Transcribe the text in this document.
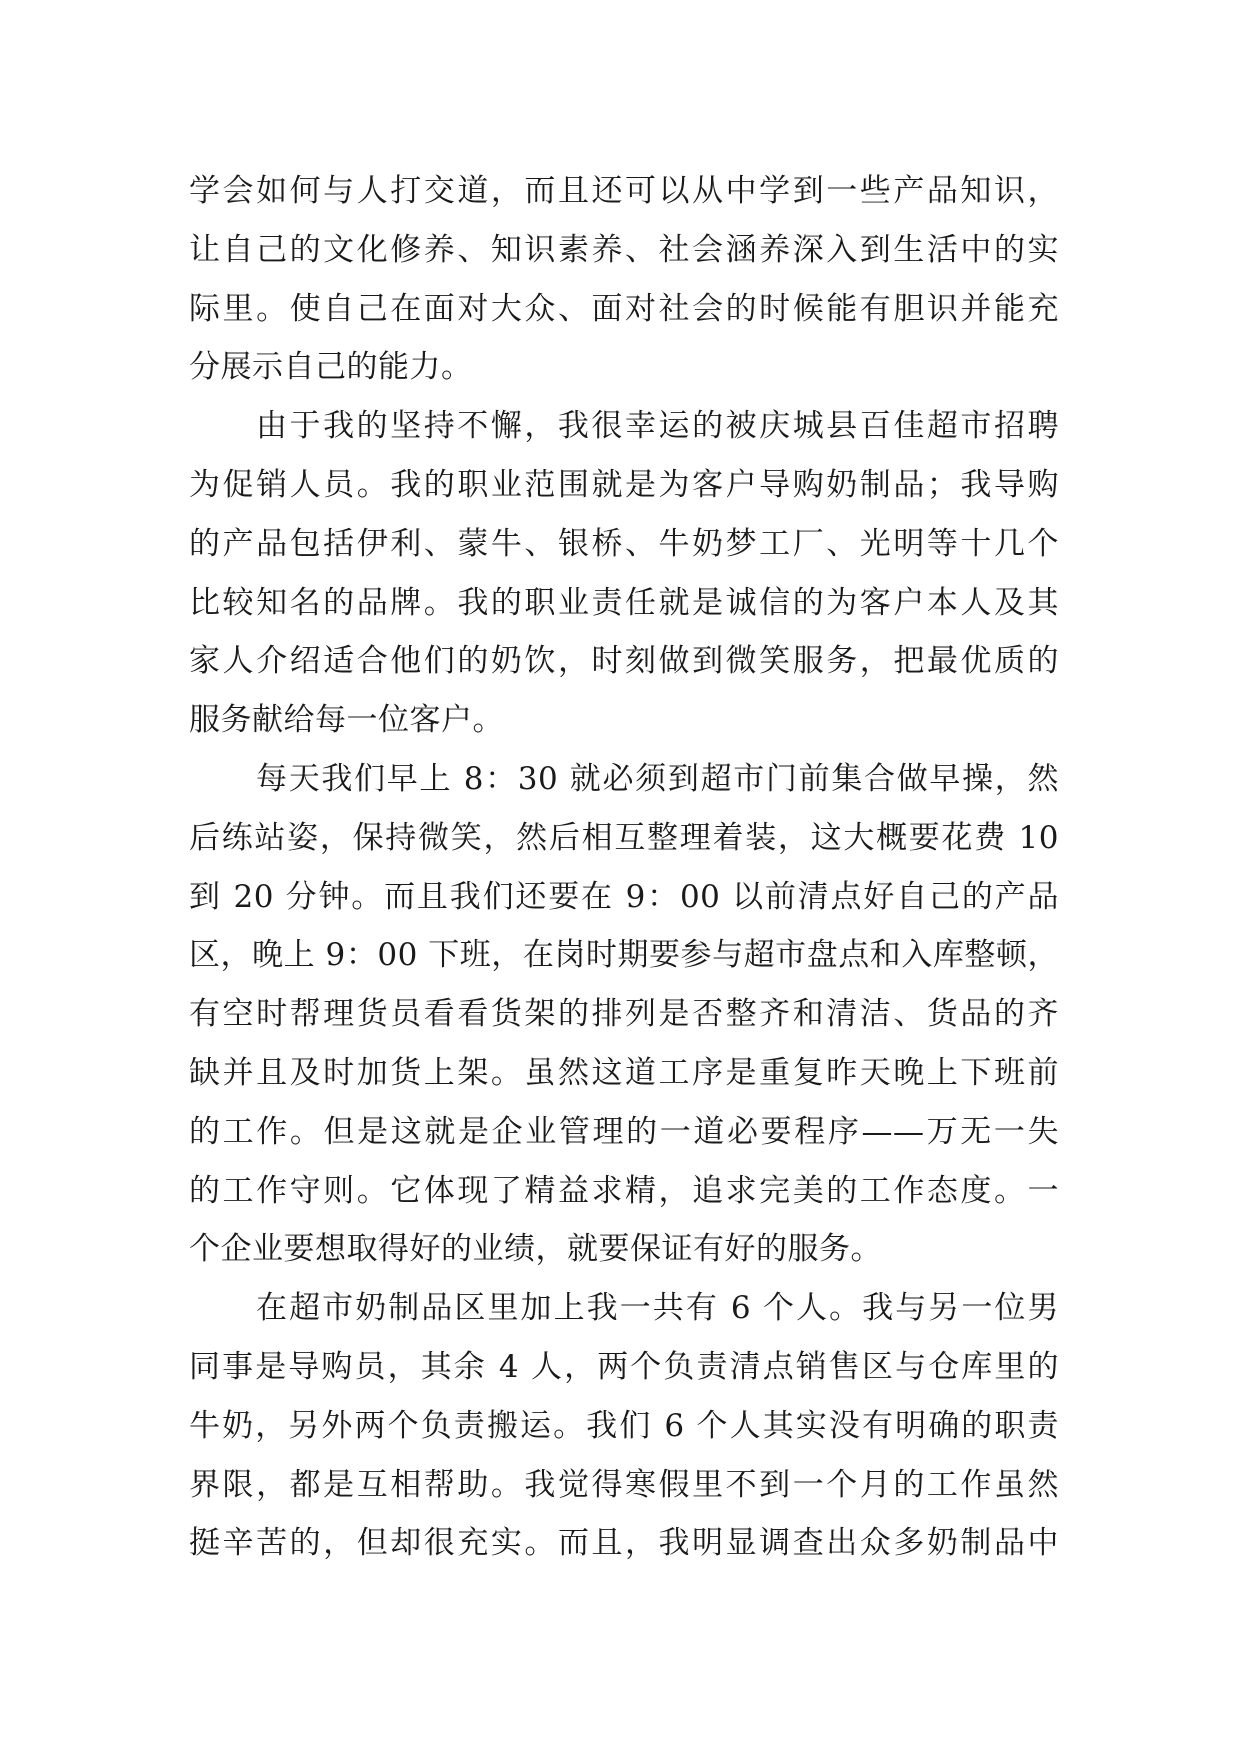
学会如何与人打交道，而且还可以从中学到一些产品知识，
让自己的文化修养、知识素养、社会涵养深入到生活中的实
际里。使自己在面对大众、面对社会的时候能有胆识并能充
分展示自己的能力。
由于我的坚持不懈，我很幸运的被庆城县百佳超市招聘
为促销人员。我的职业范围就是为客户导购奶制品；我导购
的产品包括伊利、蒙牛、银桥、牛奶梦工厂、光明等十几个
比较知名的品牌。我的职业责任就是诚信的为客户本人及其
家人介绍适合他们的奶饮，时刻做到微笑服务，把最优质的
服务献给每一位客户。
每天我们早上 8：30 就必须到超市门前集合做早操，然
后练站姿，保持微笑，然后相互整理着装，这大概要花费 10
到 20 分钟。而且我们还要在 9：00 以前清点好自己的产品
区，晚上 9：00 下班，在岗时期要参与超市盘点和入库整顿，
有空时帮理货员看看货架的排列是否整齐和清洁、货品的齐
缺并且及时加货上架。虽然这道工序是重复昨天晚上下班前
的工作。但是这就是企业管理的一道必要程序——万无一失
的工作守则。它体现了精益求精，追求完美的工作态度。一
个企业要想取得好的业绩，就要保证有好的服务。
在超市奶制品区里加上我一共有 6 个人。我与另一位男
同事是导购员，其余 4 人，两个负责清点销售区与仓库里的
牛奶，另外两个负责搬运。我们 6 个人其实没有明确的职责
界限，都是互相帮助。我觉得寒假里不到一个月的工作虽然
挺辛苦的，但却很充实。而且，我明显调查出众多奶制品中
